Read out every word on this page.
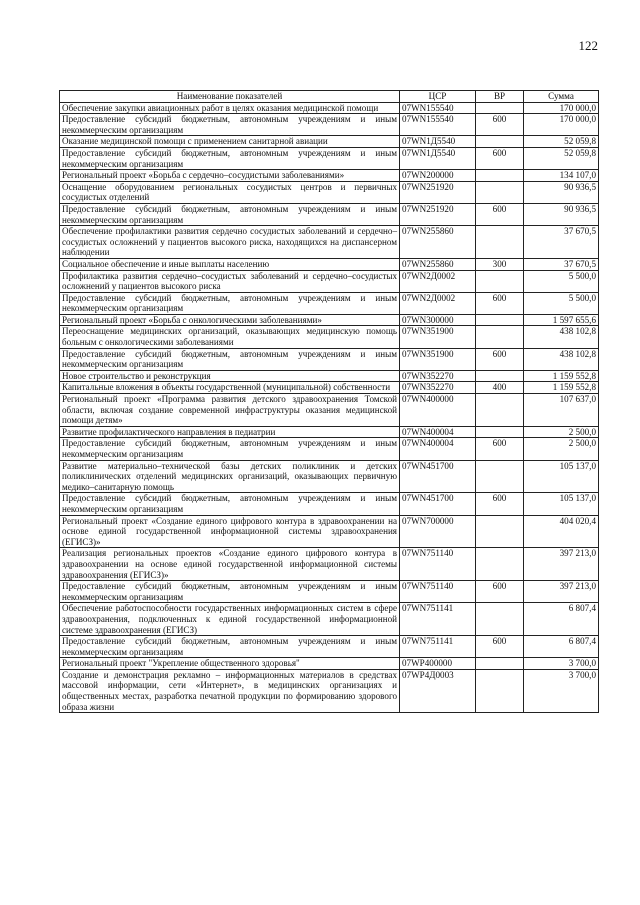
122
Наименование показателей	ЦСР	ВР	Сумма
Обеспечение закупки авиационных работ в целях оказания медицинской помощи	07WN155540		170 000,0
Предоставление субсидий бюджетным, автономным учреждениям и иным некоммерческим организациям	07WN155540	600	170 000,0
Оказание медицинской помощи с применением санитарной авиации	07WN1Д5540		52 059,8
Предоставление субсидий бюджетным, автономным учреждениям и иным некоммерческим организациям	07WN1Д5540	600	52 059,8
Региональный проект «Борьба с сердечно–сосудистыми заболеваниями»	07WN200000		134 107,0
Оснащение оборудованием региональных сосудистых центров и первичных сосудистых отделений	07WN251920		90 936,5
Предоставление субсидий бюджетным, автономным учреждениям и иным некоммерческим организациям	07WN251920	600	90 936,5
Обеспечение профилактики развития сердечно сосудистых заболеваний и сердечно–сосудистых осложнений у пациентов высокого риска, находящихся на диспансерном наблюдении	07WN255860		37 670,5
Социальное обеспечение и иные выплаты населению	07WN255860	300	37 670,5
Профилактика развития сердечно–сосудистых заболеваний и сердечно–сосудистых осложнений у пациентов высокого риска	07WN2Д0002		5 500,0
Предоставление субсидий бюджетным, автономным учреждениям и иным некоммерческим организациям	07WN2Д0002	600	5 500,0
Региональный проект «Борьба с онкологическими заболеваниями»	07WN300000		1 597 655,6
Переоснащение медицинских организаций, оказывающих медицинскую помощь больным с онкологическими заболеваниями	07WN351900		438 102,8
Предоставление субсидий бюджетным, автономным учреждениям и иным некоммерческим организациям	07WN351900	600	438 102,8
Новое строительство и реконструкция	07WN352270		1 159 552,8
Капитальные вложения в объекты государственной (муниципальной) собственности	07WN352270	400	1 159 552,8
Региональный проект «Программа развития детского здравоохранения Томской области, включая создание современной инфраструктуры оказания медицинской помощи детям»	07WN400000		107 637,0
Развитие профилактического направления в педиатрии	07WN400004		2 500,0
Предоставление субсидий бюджетным, автономным учреждениям и иным некоммерческим организациям	07WN400004	600	2 500,0
Развитие материально–технической базы детских поликлиник и детских поликлинических отделений медицинских организаций, оказывающих первичную медико–санитарную помощь	07WN451700		105 137,0
Предоставление субсидий бюджетным, автономным учреждениям и иным некоммерческим организациям	07WN451700	600	105 137,0
Региональный проект «Создание единого цифрового контура в здравоохранении на основе единой государственной информационной системы здравоохранения (ЕГИСЗ)»	07WN700000		404 020,4
Реализация региональных проектов «Создание единого цифрового контура в здравоохранении на основе единой государственной информационной системы здравоохранения (ЕГИСЗ)»	07WN751140		397 213,0
Предоставление субсидий бюджетным, автономным учреждениям и иным некоммерческим организациям	07WN751140	600	397 213,0
Обеспечение работоспособности государственных информационных систем в сфере здравоохранения, подключенных к единой государственной информационной системе здравоохранения (ЕГИСЗ)	07WN751141		6 807,4
Предоставление субсидий бюджетным, автономным учреждениям и иным некоммерческим организациям	07WN751141	600	6 807,4
Региональный проект "Укрепление общественного здоровья"	07WP400000		3 700,0
Создание и демонстрация рекламно – информационных материалов в средствах массовой информации, сети «Интернет», в медицинских организациях и общественных местах, разработка печатной продукции по формированию здорового образа жизни	07WP4Д0003		3 700,0
